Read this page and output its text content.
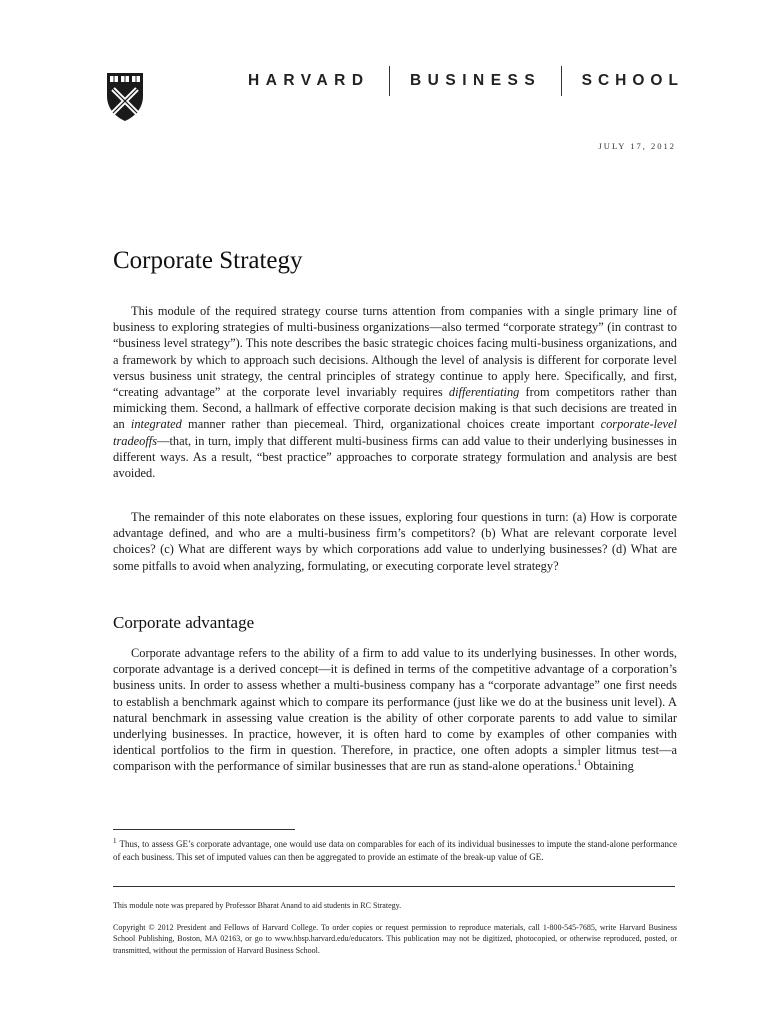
HARVARD	BUSINESS	SCHOOL
JULY 17, 2012
Corporate Strategy

This module of the required strategy course turns attention from companies with a single primary line of business to exploring strategies of multi-business organizations—also termed “corporate strategy” (in contrast to “business level strategy”). This note describes the basic strategic choices facing multi-business organizations, and a framework by which to approach such decisions. Although the level of analysis is different for corporate level versus business unit strategy, the central principles of strategy continue to apply here. Specifically, and first, “creating advantage” at the corporate level invariably requires differentiating from competitors rather than mimicking them. Second, a hallmark of effective corporate decision making is that such decisions are treated in an integrated manner rather than piecemeal. Third, organizational choices create important corporate-level tradeoffs—that, in turn, imply that different multi-business firms can add value to their underlying businesses in different ways. As a result, “best practice” approaches to corporate strategy formulation and analysis are best avoided.

The remainder of this note elaborates on these issues, exploring four questions in turn: (a) How is corporate advantage defined, and who are a multi-business firm’s competitors? (b) What are relevant corporate level choices? (c) What are different ways by which corporations add value to underlying businesses? (d) What are some pitfalls to avoid when analyzing, formulating, or executing corporate level strategy?

Corporate advantage

Corporate advantage refers to the ability of a firm to add value to its underlying businesses. In other words, corporate advantage is a derived concept—it is defined in terms of the competitive advantage of a corporation’s business units. In order to assess whether a multi-business company has a “corporate advantage” one first needs to establish a benchmark against which to compare its performance (just like we do at the business unit level). A natural benchmark in assessing value creation is the ability of other corporate parents to add value to similar underlying businesses. In practice, however, it is often hard to come by examples of other companies with identical portfolios to the firm in question. Therefore, in practice, one often adopts a simpler litmus test—a comparison with the performance of similar businesses that are run as stand-alone operations.$^1$ Obtaining

$^1$ Thus, to assess GE’s corporate advantage, one would use data on comparables for each of its individual businesses to impute the stand-alone performance of each business. This set of imputed values can then be aggregated to provide an estimate of the break-up value of GE.

This module note was prepared by Professor Bharat Anand to aid students in RC Strategy.

Copyright © 2012 President and Fellows of Harvard College. To order copies or request permission to reproduce materials, call 1-800-545-7685, write Harvard Business School Publishing, Boston, MA 02163, or go to www.hbsp.harvard.edu/educators. This publication may not be digitized, photocopied, or otherwise reproduced, posted, or transmitted, without the permission of Harvard Business School.
